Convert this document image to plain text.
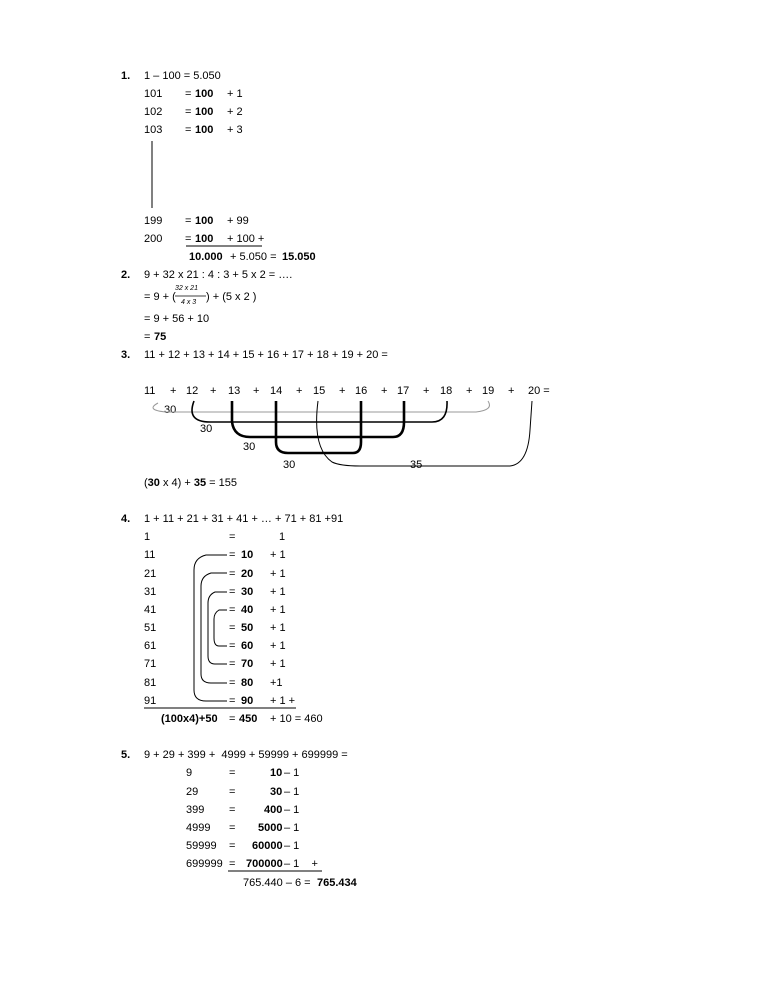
1. 1 – 100 = 5.050
101 = 100 + 1
102 = 100 + 2
103 = 100 + 3
199 = 100 + 99
200 = 100 + 100 +
10.000 + 5.050 = 15.050
2. 9 + 32 x 21 : 4 : 3 + 5 x 2 = ….
= 9 + (
32 x 21
4 x 3 ) + (5 x 2 )
= 9 + 56 + 10
= 75
3. 11 + 12 + 13 + 14 + 15 + 16 + 17 + 18 + 19 + 20 =
11 + 12 + 13 + 14 + 15 + 16 + 17 + 18 + 19 + 20 =
30
30
30
30	35
(30 x 4) + 35 = 155
4. 1 + 11 + 21 + 31 + 41 + … + 71 + 81 +91
1	=	1
11	= 10 + 1
21	= 20 + 1
31	= 30 + 1
41	= 40 + 1
51	= 50 + 1
61	= 60 + 1
71	= 70 + 1
81	= 80 +1
91	= 90 + 1 +
(100x4)+50 = 450 + 10 = 460
5. 9 + 29 + 399 +  4999 + 59999 + 699999 =
9	=	10 – 1
29	=	30 – 1
399 =	400 – 1
4999 = 5000 – 1
59999 = 60000 – 1
699999 = 700000 – 1    +
765.440 – 6 = 765.434
